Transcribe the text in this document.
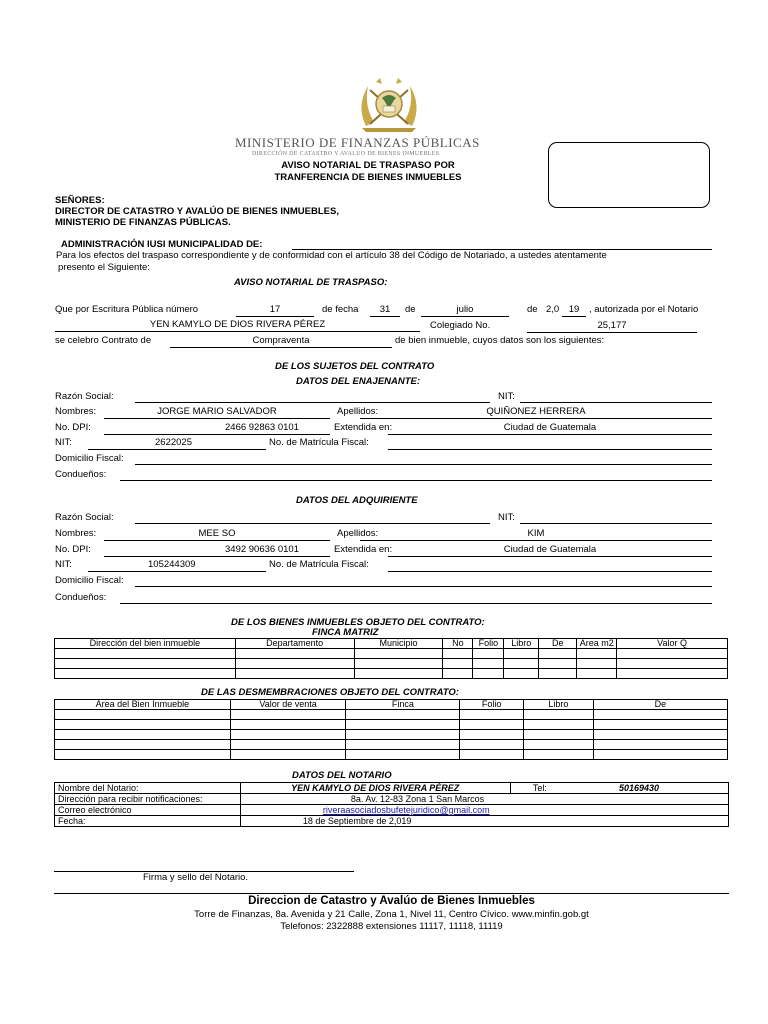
MINISTERIO DE FINANZAS PÚBLICAS
DIRECCIÓN DE CATASTRO Y AVALÚO DE BIENES INMUEBLES
AVISO NOTARIAL DE TRASPASO POR
TRANFERENCIA DE BIENES INMUEBLES
SEÑORES:
DIRECTOR DE CATASTRO Y AVALÚO DE BIENES INMUEBLES,
MINISTERIO DE FINANZAS PÚBLICAS.
ADMINISTRACIÓN IUSI MUNICIPALIDAD DE:
Para los efectos del traspaso correspondiente y de conformidad con el artículo 38 del Código de Notariado, a ustedes atentamente
presento el Siguiente:
AVISO NOTARIAL DE TRASPASO:
Que por Escritura Pública número	17	de fecha	31	de	julio	de 2,0 19	, autorizada por el Notario
YEN KAMYLO DE DIOS RIVERA PÉREZ	Colegiado No.	25,177
se celebro Contrato de	Compraventa	de bien inmueble, cuyos datos son los siguientes:
DE LOS SUJETOS DEL CONTRATO
DATOS DEL ENAJENANTE:
Razón Social:	NIT:
Nombres:	JORGE MARIO SALVADOR	Apellidos:	QUIÑONEZ HERRERA
No. DPI:	2466 92863 0101	Extendida en:	Ciudad de Guatemala
NIT:	2622025	No. de Matrícula Fiscal:
Domicilio Fiscal:
Condueños:
DATOS DEL ADQUIRIENTE
Razón Social:	NIT:
Nombres:	MEE SO	Apellidos:	KIM
No. DPI:	3492 90636 0101	Extendida en:	Ciudad de Guatemala
NIT:	105244309	No. de Matrícula Fiscal:
Domicilio Fiscal:
Condueños:
DE LOS BIENES INMUEBLES OBJETO DEL CONTRATO:
FINCA MATRIZ
Dirección del bien inmueble	Departamento	Municipio	No	Folio	Libro	De	Area m2	Valor Q

DE LAS DESMEMBRACIONES OBJETO DEL CONTRATO:
Area del Bien Inmueble	Valor de venta	Finca	Folio	Libro	De

DATOS DEL NOTARIO
Nombre del Notario:	YEN KAMYLO DE DIOS RIVERA PÉREZ	Tel:	50169430
Dirección para recibir notificaciones:	8a. Av. 12-83 Zona 1 San Marcos		
Correo electrónico	riveraasociadosbufetejuridico@gmail.com		
Fecha:	18 de Septiembre de 2,019		
Firma y sello del Notario.
Direccion de Catastro y Avalúo de Bienes Inmuebles
Torre de Finanzas, 8a. Avenida y 21 Calle, Zona 1, Nivel 11, Centro Cívico. www.minfin.gob.gt
Telefonos: 2322888 extensiones 11117, 11118, 11119
